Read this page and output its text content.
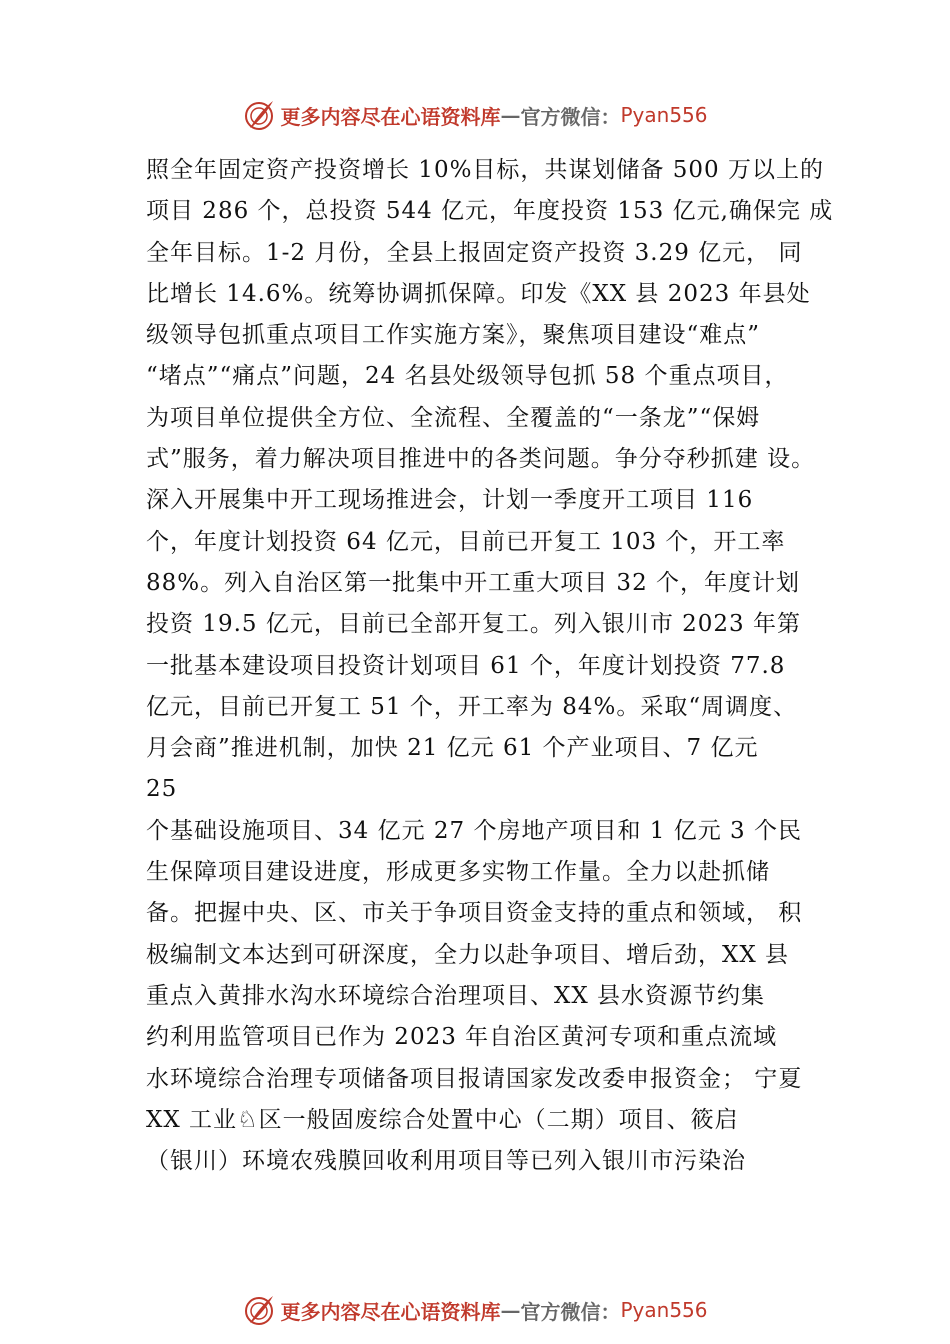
更多内容尽在心语资料库 — 官方微信： Pyan556
照全年固定资产投资增长 10%目标，共谋划储备 500 万以上的
项目 286 个，总投资 544 亿元，年度投资 153 亿元,确保完 成
全年目标。1-2 月份，全县上报固定资产投资 3.29 亿元， 同
比增长 14.6%。统筹协调抓保障。印发《XX 县 2023 年县处
级领导包抓重点项目工作实施方案》，聚焦项目建设“难点”
“堵点”“痛点”问题，24 名县处级领导包抓 58 个重点项目，
为项目单位提供全方位、全流程、全覆盖的“一条龙”“保姆
式”服务，着力解决项目推进中的各类问题。争分夺秒抓建 设。
深入开展集中开工现场推进会，计划一季度开工项目 116
个，年度计划投资 64 亿元，目前已开复工 103 个，开工率
88%。列入自治区第一批集中开工重大项目 32 个，年度计划
投资 19.5 亿元，目前已全部开复工。列入银川市 2023 年第
一批基本建设项目投资计划项目 61 个，年度计划投资 77.8
亿元，目前已开复工 51 个，开工率为 84%。采取“周调度、
月会商”推进机制，加快 21 亿元 61 个产业项目、7 亿元
25
个基础设施项目、34 亿元 27 个房地产项目和 1 亿元 3 个民
生保障项目建设进度，形成更多实物工作量。全力以赴抓储
备。把握中央、区、市关于争项目资金支持的重点和领域， 积
极编制文本达到可研深度，全力以赴争项目、增后劲，XX 县
重点入黄排水沟水环境综合治理项目、XX 县水资源节约集
约利用监管项目已作为 2023 年自治区黄河专项和重点流域
水环境综合治理专项储备项目报请国家发改委申报资金； 宁夏
XX 工业♘区一般固废综合处置中心（二期）项目、筱启
（银川）环境农残膜回收利用项目等已列入银川市污染治
更多内容尽在心语资料库 — 官方微信： Pyan556
